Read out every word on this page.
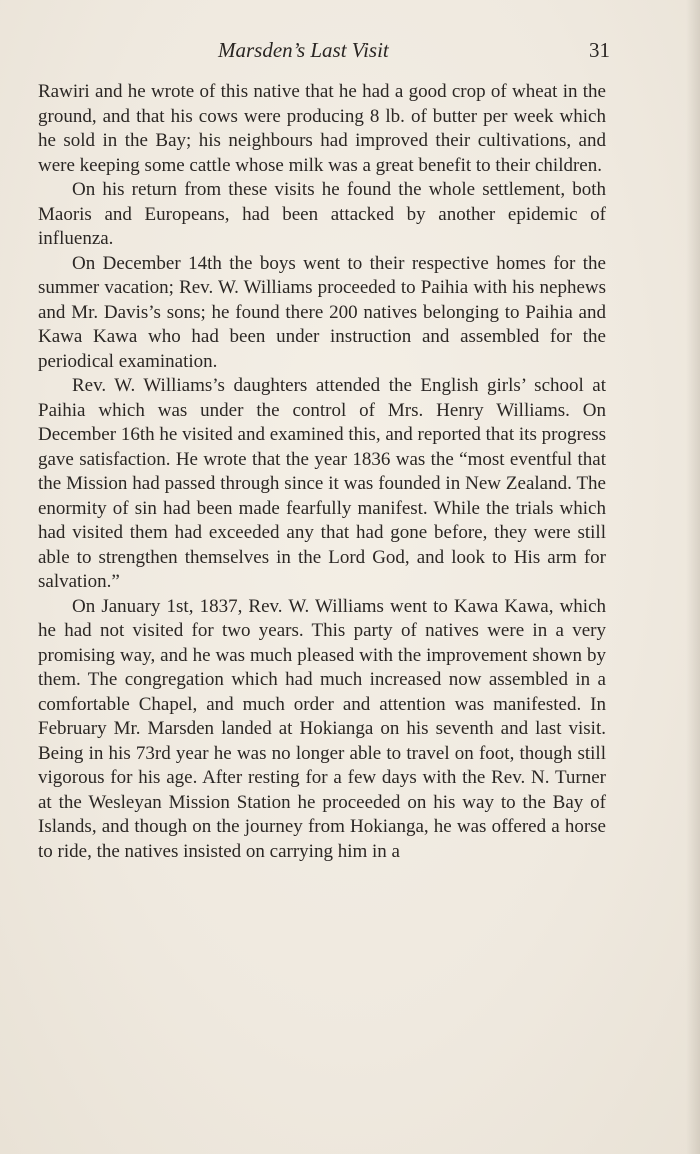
Marsden’s Last Visit	31

Rawiri and he wrote of this native that he had a good crop of wheat in the ground, and that his cows were producing 8 lb. of butter per week which he sold in the Bay; his neighbours had improved their cultivations, and were keeping some cattle whose milk was a great benefit to their children.

On his return from these visits he found the whole settlement, both Maoris and Europeans, had been attacked by another epidemic of influenza.

On December 14th the boys went to their respective homes for the summer vacation; Rev. W. Williams proceeded to Paihia with his nephews and Mr. Davis’s sons; he found there 200 natives belonging to Paihia and Kawa Kawa who had been under instruction and assembled for the periodical examination.

Rev. W. Williams’s daughters attended the English girls’ school at Paihia which was under the control of Mrs. Henry Williams. On December 16th he visited and examined this, and reported that its progress gave satisfaction. He wrote that the year 1836 was the “most eventful that the Mission had passed through since it was founded in New Zealand. The enormity of sin had been made fearfully manifest. While the trials which had visited them had exceeded any that had gone before, they were still able to strengthen themselves in the Lord God, and look to His arm for salvation.”

On January 1st, 1837, Rev. W. Williams went to Kawa Kawa, which he had not visited for two years. This party of natives were in a very promising way, and he was much pleased with the improvement shown by them. The congregation which had much increased now assembled in a comfortable Chapel, and much order and attention was manifested. In February Mr. Marsden landed at Hokianga on his seventh and last visit. Being in his 73rd year he was no longer able to travel on foot, though still vigorous for his age. After resting for a few days with the Rev. N. Turner at the Wesleyan Mission Station he proceeded on his way to the Bay of Islands, and though on the journey from Hokianga, he was offered a horse to ride, the natives insisted on carrying him in a
